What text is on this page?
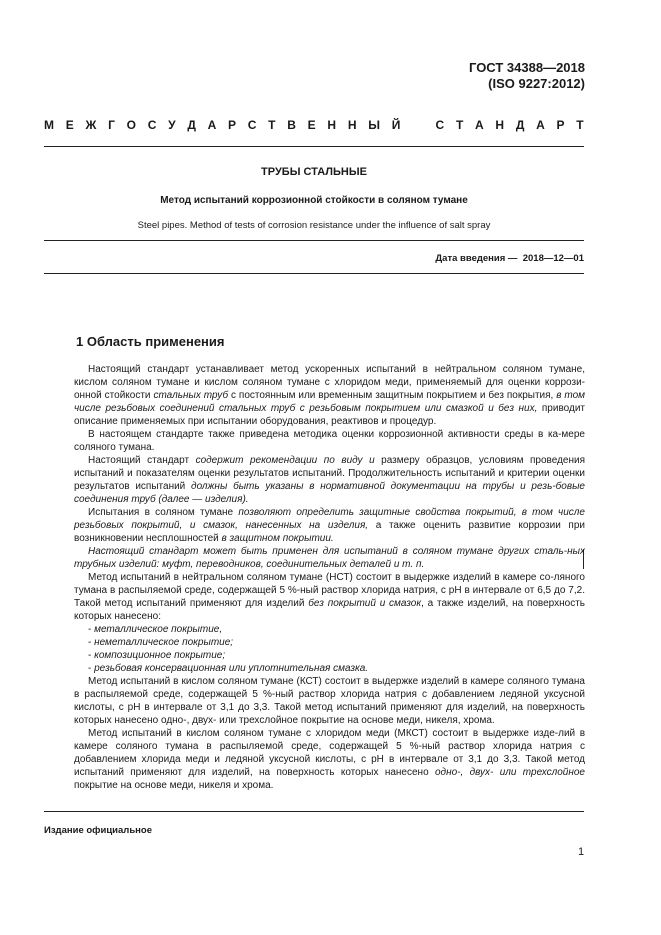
ГОСТ 34388—2018
(ISO 9227:2012)
М Е Ж Г О С У Д А Р С Т В Е Н Н Ы Й	С Т А Н Д А Р Т
ТРУБЫ СТАЛЬНЫЕ
Метод испытаний коррозионной стойкости в соляном тумане
Steel pipes. Method of tests of corrosion resistance under the influence of salt spray
Дата введения — 2018—12—01
1 Область применения

Настоящий стандарт устанавливает метод ускоренных испытаний в нейтральном соляном тумане, кислом соляном тумане и кислом соляном тумане с хлоридом меди, применяемый для оценки коррози-онной стойкости стальных труб с постоянным или временным защитным покрытием и без покрытия, в том числе резьбовых соединений стальных труб с резьбовым покрытием или смазкой и без них, приводит описание применяемых при испытании оборудования, реактивов и процедур.

В настоящем стандарте также приведена методика оценки коррозионной активности среды в ка-мере соляного тумана.

Настоящий стандарт содержит рекомендации по виду и размеру образцов, условиям проведения испытаний и показателям оценки результатов испытаний. Продолжительность испытаний и критерии оценки результатов испытаний должны быть указаны в нормативной документации на трубы и резь-бовые соединения труб (далее — изделия).

Испытания в соляном тумане позволяют определить защитные свойства покрытий, в том числе резьбовых покрытий, и смазок, нанесенных на изделия, а также оценить развитие коррозии при возникновении несплошностей в защитном покрытии.

Настоящий стандарт может быть применен для испытаний в соляном тумане других сталь-ных трубных изделий: муфт, переводников, соединительных деталей и т. п.

Метод испытаний в нейтральном соляном тумане (НСТ) состоит в выдержке изделий в камере со-ляного тумана в распыляемой среде, содержащей 5 %-ный раствор хлорида натрия, с pH в интервале от 6,5 до 7,2. Такой метод испытаний применяют для изделий без покрытий и смазок, а также изделий, на поверхность которых нанесено:

- металлическое покрытие,

- неметаллическое покрытие;

- композиционное покрытие;

- резьбовая консервационная или уплотнительная смазка.

Метод испытаний в кислом соляном тумане (КСТ) состоит в выдержке изделий в камере соляного тумана в распыляемой среде, содержащей 5 %-ный раствор хлорида натрия с добавлением ледяной уксусной кислоты, с pH в интервале от 3,1 до 3,3. Такой метод испытаний применяют для изделий, на поверхность которых нанесено одно-, двух- или трехслойное покрытие на основе меди, никеля, хрома.

Метод испытаний в кислом соляном тумане с хлоридом меди (МКСТ) состоит в выдержке изде-лий в камере соляного тумана в распыляемой среде, содержащей 5 %-ный раствор хлорида натрия с добавлением хлорида меди и ледяной уксусной кислоты, с pH в интервале от 3,1 до 3,3. Такой метод испытаний применяют для изделий, на поверхность которых нанесено одно-, двух- или трехслойное покрытие на основе меди, никеля и хрома.

Издание официальное
1
